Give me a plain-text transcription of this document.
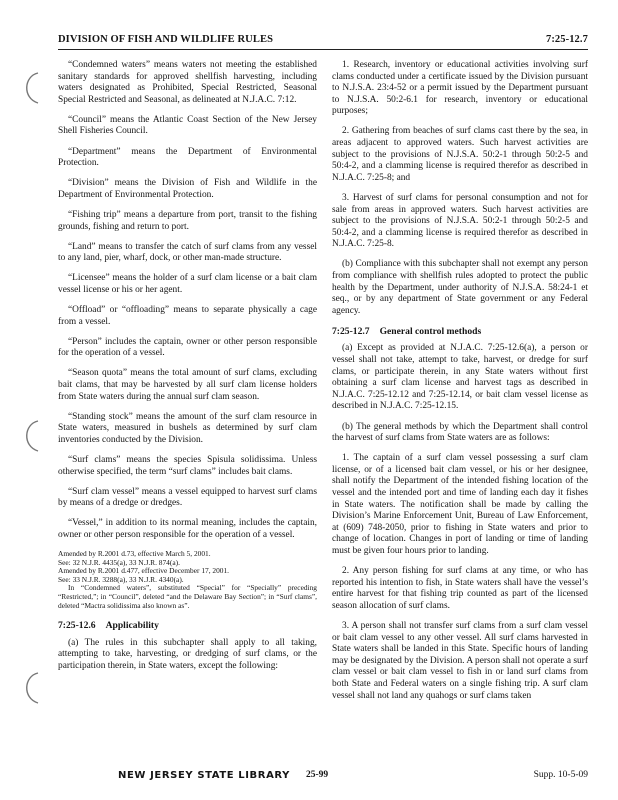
DIVISION OF FISH AND WILDLIFE RULES	7:25-12.7

“Condemned waters” means waters not meeting the established sanitary standards for approved shellfish harvesting, including waters designated as Prohibited, Special Restricted, Seasonal Special Restricted and Seasonal, as delineated at N.J.A.C. 7:12.

“Council” means the Atlantic Coast Section of the New Jersey Shell Fisheries Council.

“Department” means the Department of Environmental Protection.

“Division” means the Division of Fish and Wildlife in the Department of Environmental Protection.

“Fishing trip” means a departure from port, transit to the fishing grounds, fishing and return to port.

“Land” means to transfer the catch of surf clams from any vessel to any land, pier, wharf, dock, or other man-made structure.

“Licensee” means the holder of a surf clam license or a bait clam vessel license or his or her agent.

“Offload” or “offloading” means to separate physically a cage from a vessel.

“Person” includes the captain, owner or other person responsible for the operation of a vessel.

“Season quota” means the total amount of surf clams, excluding bait clams, that may be harvested by all surf clam license holders from State waters during the annual surf clam season.

“Standing stock” means the amount of the surf clam resource in State waters, measured in bushels as determined by surf clam inventories conducted by the Division.

“Surf clams” means the species Spisula solidissima. Unless otherwise specified, the term “surf clams” includes bait clams.

“Surf clam vessel” means a vessel equipped to harvest surf clams by means of a dredge or dredges.

“Vessel,” in addition to its normal meaning, includes the captain, owner or other person responsible for the operation of a vessel.

Amended by R.2001 d.73, effective March 5, 2001.

See: 32 N.J.R. 4435(a), 33 N.J.R. 874(a).

Amended by R.2001 d.477, effective December 17, 2001.

See: 33 N.J.R. 3288(a), 33 N.J.R. 4340(a).

In “Condemned waters”, substituted “Special” for “Specially” preceding “Restricted,”; in “Council”, deleted “and the Delaware Bay Section”; in “Surf clams”, deleted “Mactra solidissima also known as”.

7:25-12.6 Applicability

(a) The rules in this subchapter shall apply to all taking, attempting to take, harvesting, or dredging of surf clams, or the participation therein, in State waters, except the following:

1. Research, inventory or educational activities involving surf clams conducted under a certificate issued by the Division pursuant to N.J.S.A. 23:4-52 or a permit issued by the Department pursuant to N.J.S.A. 50:2-6.1 for research, inventory or educational purposes;

2. Gathering from beaches of surf clams cast there by the sea, in areas adjacent to approved waters. Such harvest activities are subject to the provisions of N.J.S.A. 50:2-1 through 50:2-5 and 50:4-2, and a clamming license is required therefor as described in N.J.A.C. 7:25-8; and

3. Harvest of surf clams for personal consumption and not for sale from areas in approved waters. Such harvest activities are subject to the provisions of N.J.S.A. 50:2-1 through 50:2-5 and 50:4-2, and a clamming license is required therefor as described in N.J.A.C. 7:25-8.

(b) Compliance with this subchapter shall not exempt any person from compliance with shellfish rules adopted to protect the public health by the Department, under authority of N.J.S.A. 58:24-1 et seq., or by any department of State government or any Federal agency.

7:25-12.7 General control methods

(a) Except as provided at N.J.A.C. 7:25-12.6(a), a person or vessel shall not take, attempt to take, harvest, or dredge for surf clams, or participate therein, in any State waters without first obtaining a surf clam license and harvest tags as described in N.J.A.C. 7:25-12.12 and 7:25-12.14, or bait clam vessel license as described in N.J.A.C. 7:25-12.15.

(b) The general methods by which the Department shall control the harvest of surf clams from State waters are as follows:

1. The captain of a surf clam vessel possessing a surf clam license, or of a licensed bait clam vessel, or his or her designee, shall notify the Department of the intended fishing location of the vessel and the intended port and time of landing each day it fishes in State waters. The notification shall be made by calling the Division’s Marine Enforcement Unit, Bureau of Law Enforcement, at (609) 748-2050, prior to fishing in State waters and prior to change of location. Changes in port of landing or time of landing must be given four hours prior to landing.

2. Any person fishing for surf clams at any time, or who has reported his intention to fish, in State waters shall have the vessel’s entire harvest for that fishing trip counted as part of the licensed season allocation of surf clams.

3. A person shall not transfer surf clams from a surf clam vessel or bait clam vessel to any other vessel. All surf clams harvested in State waters shall be landed in this State. Specific hours of landing may be designated by the Division. A person shall not operate a surf clam vessel or bait clam vessel to fish in or land surf clams from both State and Federal waters on a single fishing trip. A surf clam vessel shall not land any quahogs or surf clams taken

NEW JERSEY STATE LIBRARY 25-99	Supp. 10-5-09
